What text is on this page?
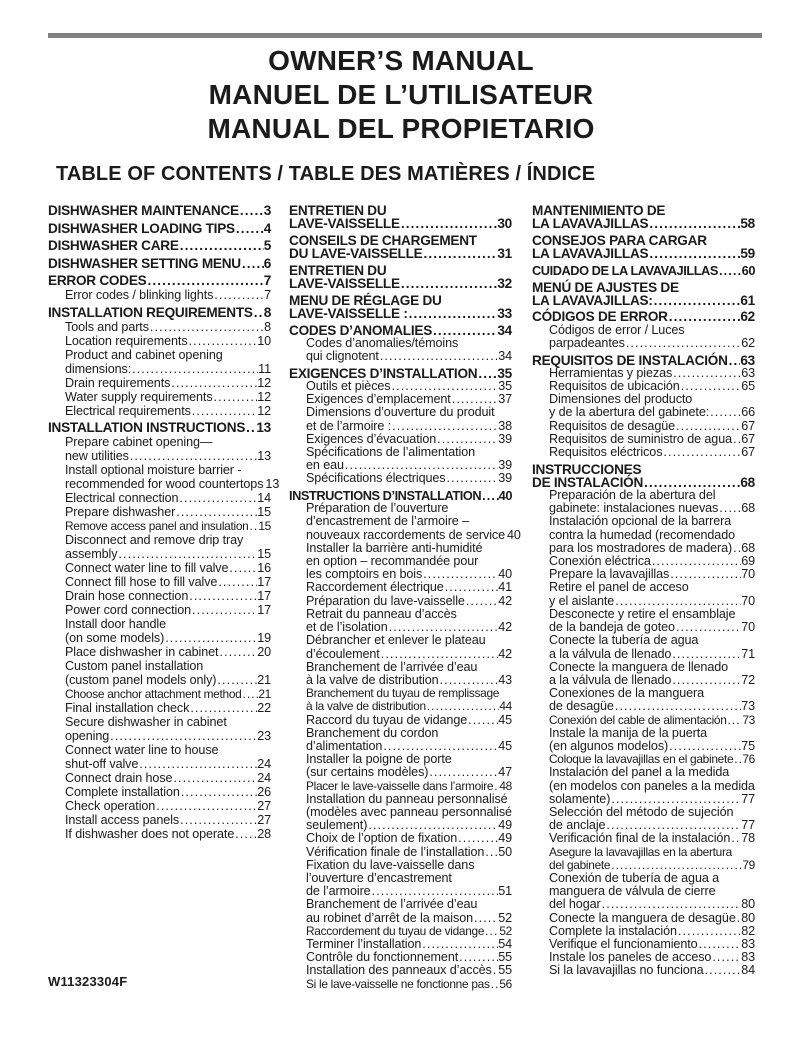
OWNER’S MANUAL
MANUEL DE L’UTILISATEUR
MANUAL DEL PROPIETARIO
TABLE OF CONTENTS / TABLE DES MATIÈRES / ÍNDICE
DISHWASHER MAINTENANCE ..... 3
DISHWASHER LOADING TIPS ..... 4
DISHWASHER CARE .....	5
DISHWASHER SETTING MENU ..... 6
ERROR CODES .....	7
Error codes / blinking lights .....	7
INSTALLATION REQUIREMENTS ..... 8
Tools and parts .....	8
Location requirements .....	10
Product and cabinet opening
dimensions: .....	11
Drain requirements .....	12
Water supply requirements .....	12
Electrical requirements .....	12
INSTALLATION INSTRUCTIONS ..... 13
Prepare cabinet opening—
new utilities .....	13
Install optional moisture barrier -
recommended for wood countertops ..... 13
Electrical connection .....	14
Prepare dishwasher .....	15
Remove access panel and insulation ..... 15
Disconnect and remove drip tray
assembly .....	15
Connect water line to fill valve ..... 16
Connect fill hose to fill valve .....	17
Drain hose connection .....	17
Power cord connection .....	17
Install door handle
(on some models) .....	19
Place dishwasher in cabinet .....	20
Custom panel installation
(custom panel models only) .....	21
Choose anchor attachment method ..... 21
Final installation check .....	22
Secure dishwasher in cabinet
opening .....	23
Connect water line to house
shut-off valve .....	24
Connect drain hose .....	24
Complete installation .....	26
Check operation .....	27
Install access panels .....	27
If dishwasher does not operate ..... 28
ENTRETIEN DU
LAVE-VAISSELLE .....	30
CONSEILS DE CHARGEMENT
DU LAVE-VAISSELLE .....	31
ENTRETIEN DU
LAVE-VAISSELLE .....	32
MENU DE RÉGLAGE DU
LAVE-VAISSELLE : .....	33
CODES D’ANOMALIES .....	34
Codes d’anomalies/témoins
qui clignotent .....	34
EXIGENCES D’INSTALLATION ..... 35
Outils et pièces .....	35
Exigences d’emplacement .....	37
Dimensions d’ouverture du produit
et de l’armoire : .....	38
Exigences d’évacuation .....	39
Spécifications de l’alimentation
en eau .....	39
Spécifications électriques .....	39
INSTRUCTIONS D’INSTALLATION ..... 40
Préparation de l’ouverture
d’encastrement de l’armoire –
nouveaux raccordements de service ..... 40
Installer la barrière anti-humidité
en option – recommandée pour
les comptoirs en bois .....	40
Raccordement électrique .....	41
Préparation du lave-vaisselle .....	42
Retrait du panneau d’accès
et de l’isolation .....	42
Débrancher et enlever le plateau
d’écoulement .....	42
Branchement de l’arrivée d’eau
à la valve de distribution .....	43
Branchement du tuyau de remplissage
à la valve de distribution .....	44
Raccord du tuyau de vidange ..... 45
Branchement du cordon
d’alimentation .....	45
Installer la poigne de porte
(sur certains modèles) .....	47
Placer le lave-vaisselle dans l’armoire ..... 48
Installation du panneau personnalisé
(modèles avec panneau personnalisé
seulement) .....	49
Choix de l’option de fixation .....	49
Vérification finale de l’installation ..... 50
Fixation du lave-vaisselle dans
l’ouverture d’encastrement
de l’armoire .....	51
Branchement de l’arrivée d’eau
au robinet d’arrêt de la maison ..... 52
Raccordement du tuyau de vidange ..... 52
Terminer l’installation .....	54
Contrôle du fonctionnement .....	55
Installation des panneaux d’accès ..... 55
Si le lave-vaisselle ne fonctionne pas ..... 56
MANTENIMIENTO DE
LA LAVAVAJILLAS .....	58
CONSEJOS PARA CARGAR
LA LAVAVAJILLAS .....	59
CUIDADO DE LA LAVAVAJILLAS ..... 60
MENÚ DE AJUSTES DE
LA LAVAVAJILLAS: .....	61
CÓDIGOS DE ERROR .....	62
Códigos de error / Luces
parpadeantes .....	62
REQUISITOS DE INSTALACIÓN ..... 63
Herramientas y piezas .....	63
Requisitos de ubicación .....	65
Dimensiones del producto
y de la abertura del gabinete: .....	66
Requisitos de desagüe .....	67
Requisitos de suministro de agua ..... 67
Requisitos eléctricos .....	67
INSTRUCCIONES
DE INSTALACIÓN .....	68
Preparación de la abertura del
gabinete: instalaciones nuevas ..... 68
Instalación opcional de la barrera
contra la humedad (recomendado
para los mostradores de madera) ..... 68
Conexión eléctrica .....	69
Prepare la lavavajillas .....	70
Retire el panel de acceso
y el aislante .....	70
Desconecte y retire el ensamblaje
de la bandeja de goteo .....	70
Conecte la tubería de agua
a la válvula de llenado .....	71
Conecte la manguera de llenado
a la válvula de llenado .....	72
Conexiones de la manguera
de desagüe .....	73
Conexión del cable de alimentación ..... 73
Instale la manija de la puerta
(en algunos modelos) .....	75
Coloque la lavavajillas en el gabinete ..... 76
Instalación del panel a la medida
(en modelos con paneles a la medida
solamente) .....	77
Selección del método de sujeción
de anclaje .....	77
Verificación final de la instalación ..... 78
Asegure la lavavajillas en la abertura
del gabinete .....	79
Conexión de tubería de agua a
manguera de válvula de cierre
del hogar .....	80
Conecte la manguera de desagüe ..... 80
Complete la instalación .....	82
Verifique el funcionamiento .....	83
Instale los paneles de acceso ..... 83
Si la lavavajillas no funciona .....	84
W11323304F
